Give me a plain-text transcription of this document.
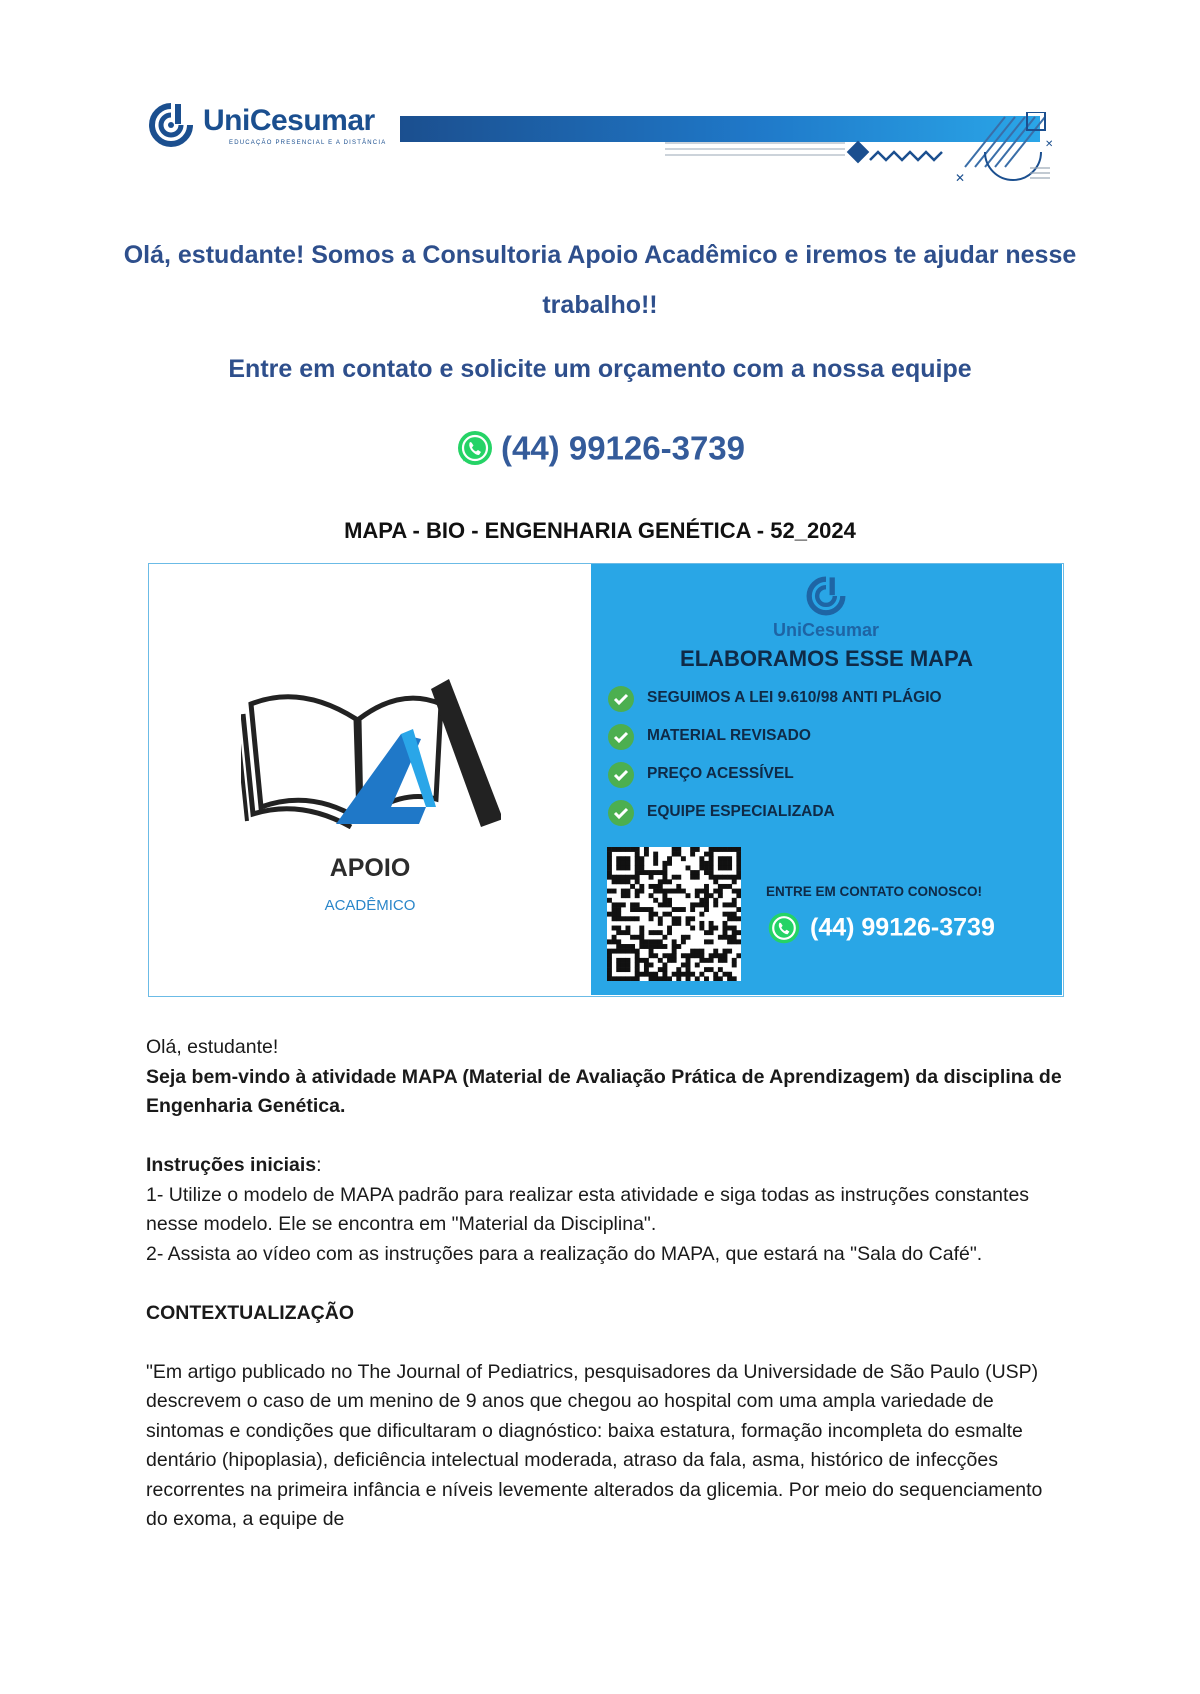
UniCesumar
EDUCAÇÃO PRESENCIAL E A DISTÂNCIA
✕
✕
Olá, estudante! Somos a Consultoria Apoio Acadêmico e iremos te ajudar nesse trabalho!!
Entre em contato e solicite um orçamento com a nossa equipe
(44) 99126-3739
MAPA - BIO - ENGENHARIA GENÉTICA - 52_2024
APOIO
ACADÊMICO
UniCesumar
ELABORAMOS ESSE MAPA
SEGUIMOS A LEI 9.610/98 ANTI PLÁGIO
MATERIAL REVISADO
PREÇO ACESSÍVEL
EQUIPE ESPECIALIZADA
ENTRE EM CONTATO CONOSCO!
(44) 99126-3739

Olá, estudante!

Seja bem-vindo à atividade MAPA (Material de Avaliação Prática de Aprendizagem) da disciplina de Engenharia Genética.

Instruções iniciais:

1- Utilize o modelo de MAPA padrão para realizar esta atividade e siga todas as instruções constantes nesse modelo. Ele se encontra em "Material da Disciplina".

2- Assista ao vídeo com as instruções para a realização do MAPA, que estará na "Sala do Café".

CONTEXTUALIZAÇÃO

"Em artigo publicado no The Journal of Pediatrics, pesquisadores da Universidade de São Paulo (USP) descrevem o caso de um menino de 9 anos que chegou ao hospital com uma ampla variedade de sintomas e condições que dificultaram o diagnóstico: baixa estatura, formação incompleta do esmalte dentário (hipoplasia), deficiência intelectual moderada, atraso da fala, asma, histórico de infecções recorrentes na primeira infância e níveis levemente alterados da glicemia. Por meio do sequenciamento do exoma, a equipe de
